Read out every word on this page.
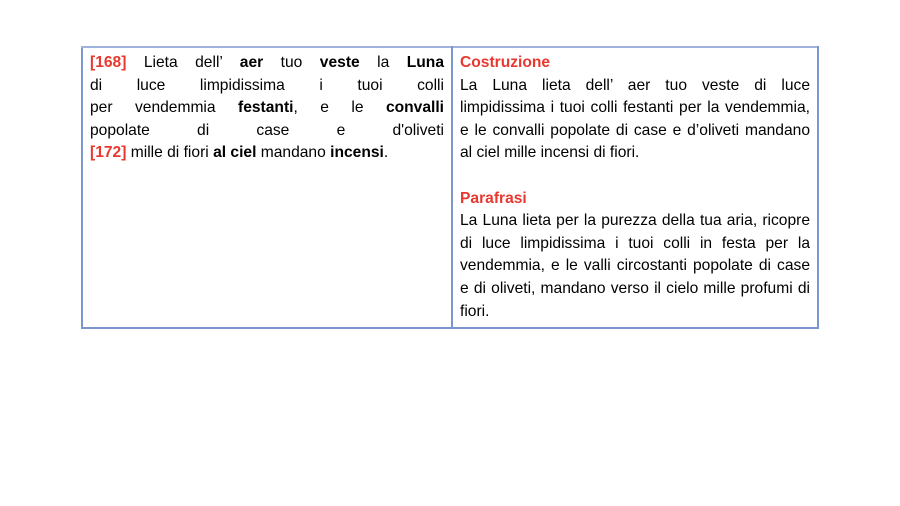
[168] Lieta dell’ aer tuo veste la Luna
di luce limpidissima i tuoi colli
per vendemmia festanti, e le convalli
popolate di case e d'oliveti
[172] mille di fiori al ciel mandano incensi.

Costruzione
La Luna lieta dell’ aer tuo veste di luce limpidissima i tuoi colli festanti per la vendemmia, e le convalli popolate di case e d’oliveti mandano al ciel mille incensi di fiori.
Parafrasi
La Luna lieta per la purezza della tua aria, ricopre di luce limpidissima i tuoi colli in festa per la vendemmia, e le valli circostanti popolate di case e di oliveti, mandano verso il cielo mille profumi di fiori.
